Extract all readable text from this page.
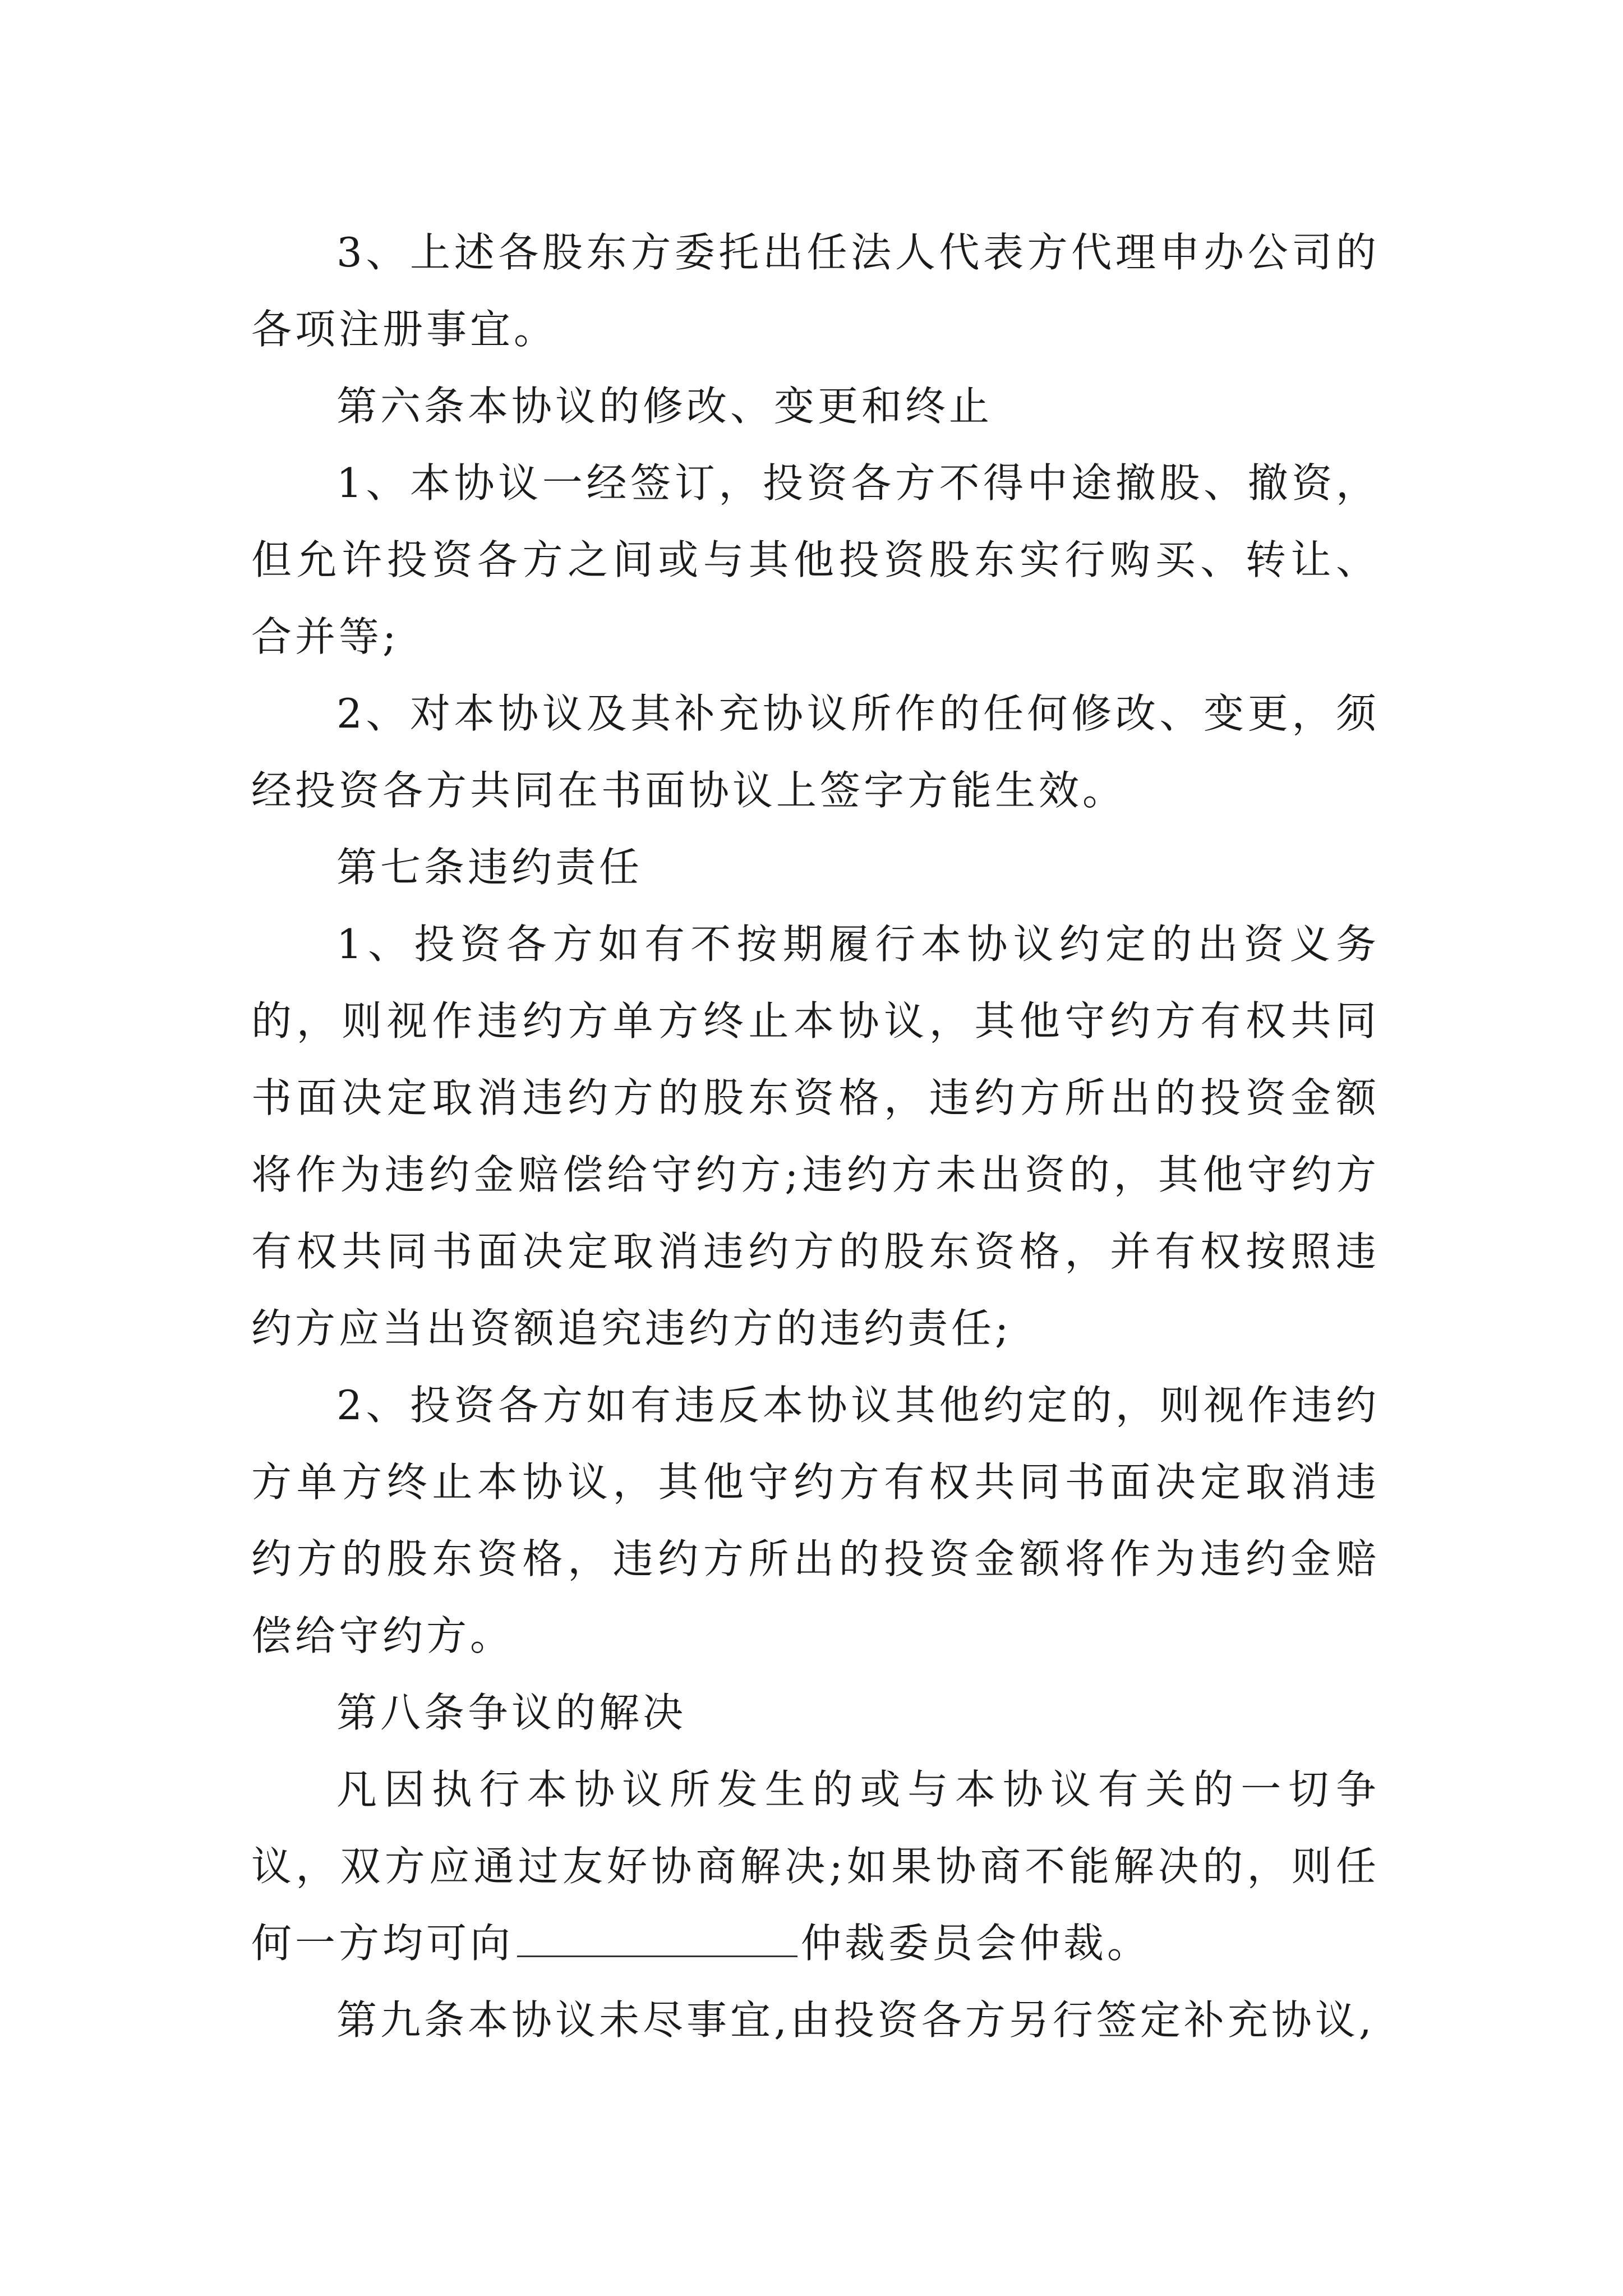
3、上述各股东方委托出任法人代表方代理申办公司的各项注册事宜。

第六条本协议的修改、变更和终止

1、本协议一经签订，投资各方不得中途撤股、撤资，但允许投资各方之间或与其他投资股东实行购买、转让、合并等;

2、对本协议及其补充协议所作的任何修改、变更，须经投资各方共同在书面协议上签字方能生效。

第七条违约责任

1、投资各方如有不按期履行本协议约定的出资义务的，则视作违约方单方终止本协议，其他守约方有权共同书面决定取消违约方的股东资格，违约方所出的投资金额将作为违约金赔偿给守约方;违约方未出资的，其他守约方有权共同书面决定取消违约方的股东资格，并有权按照违约方应当出资额追究违约方的违约责任;

2、投资各方如有违反本协议其他约定的，则视作违约方单方终止本协议，其他守约方有权共同书面决定取消违约方的股东资格，违约方所出的投资金额将作为违约金赔偿给守约方。

第八条争议的解决

凡因执行本协议所发生的或与本协议有关的一切争议，双方应通过友好协商解决;如果协商不能解决的，则任何一方均可向	仲裁委员会仲裁。

第九条本协议未尽事宜,由投资各方另行签定补充协议,
